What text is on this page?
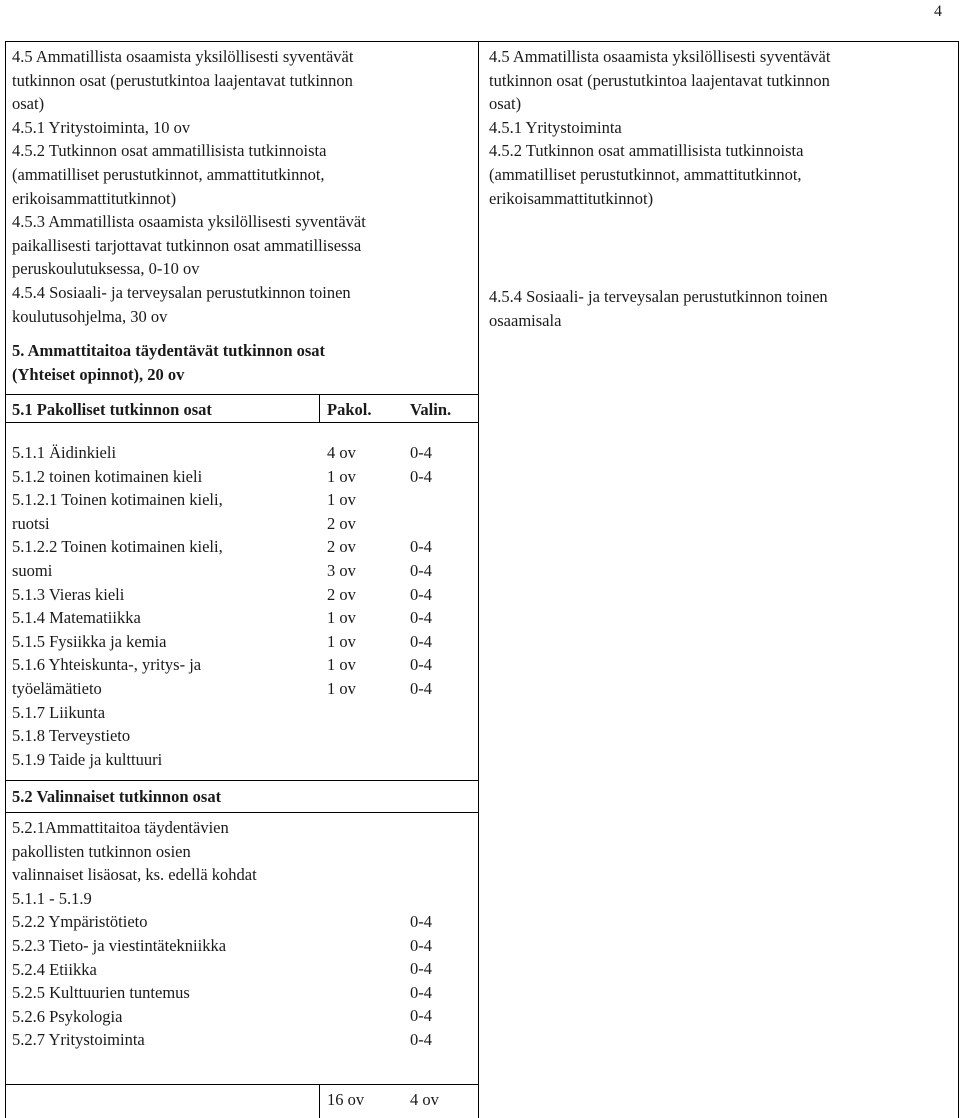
4
4.5 Ammatillista osaamista yksilöllisesti syventävät
tutkinnon osat (perustutkintoa laajentavat tutkinnon
osat)
4.5.1 Yritystoiminta, 10 ov
4.5.2 Tutkinnon osat ammatillisista tutkinnoista
(ammatilliset perustutkinnot, ammattitutkinnot,
erikoisammattitutkinnot)
4.5.3 Ammatillista osaamista yksilöllisesti syventävät
paikallisesti tarjottavat tutkinnon osat ammatillisessa
peruskoulutuksessa, 0-10 ov
4.5.4 Sosiaali- ja terveysalan perustutkinnon toinen
koulutusohjelma, 30 ov
5. Ammattitaitoa täydentävät tutkinnon osat
(Yhteiset opinnot), 20 ov
4.5 Ammatillista osaamista yksilöllisesti syventävät
tutkinnon osat (perustutkintoa laajentavat tutkinnon
osat)
4.5.1 Yritystoiminta
4.5.2 Tutkinnon osat ammatillisista tutkinnoista
(ammatilliset perustutkinnot, ammattitutkinnot,
erikoisammattitutkinnot)
4.5.4 Sosiaali- ja terveysalan perustutkinnon toinen
osaamisala
5.1 Pakolliset tutkinnon osat	Pakol. Valin.
5.1.1 Äidinkieli
5.1.2 toinen kotimainen kieli
5.1.2.1 Toinen kotimainen kieli,
ruotsi
5.1.2.2 Toinen kotimainen kieli,
suomi
5.1.3 Vieras kieli
5.1.4 Matematiikka
5.1.5 Fysiikka ja kemia
5.1.6 Yhteiskunta-, yritys- ja
työelämätieto
5.1.7 Liikunta
5.1.8 Terveystieto
5.1.9 Taide ja kulttuuri
4 ov
1 ov
1 ov
2 ov
2 ov
3 ov
2 ov
1 ov
1 ov
1 ov
1 ov
0-4
0-4
0-4
0-4
0-4
0-4
0-4
0-4
0-4
5.2 Valinnaiset tutkinnon osat
5.2.1Ammattitaitoa täydentävien
pakollisten tutkinnon osien
valinnaiset lisäosat, ks. edellä kohdat
5.1.1 - 5.1.9
5.2.2 Ympäristötieto
5.2.3 Tieto- ja viestintätekniikka
5.2.4 Etiikka
5.2.5 Kulttuurien tuntemus
5.2.6 Psykologia
5.2.7 Yritystoiminta
0-4
0-4
0-4
0-4
0-4
0-4
16 ov	4 ov
